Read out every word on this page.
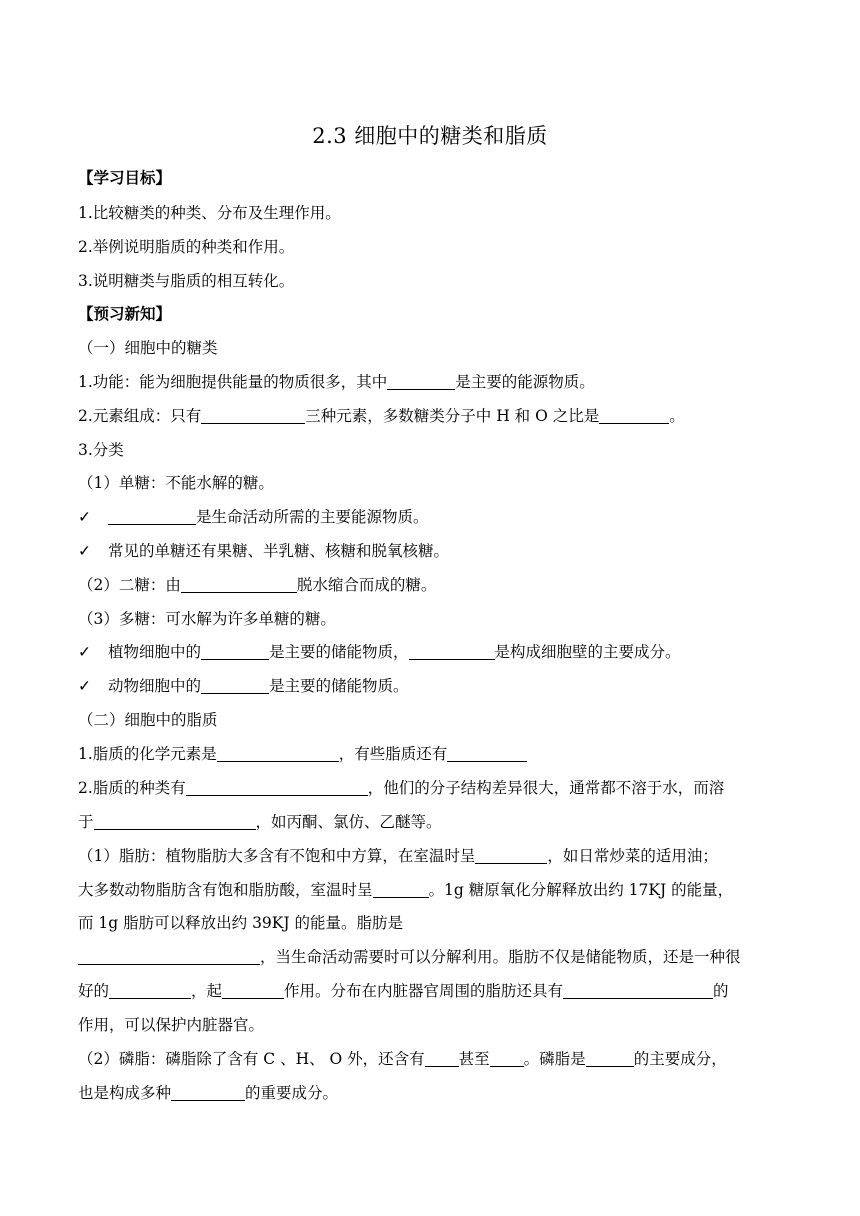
2.3 细胞中的糖类和脂质
【学习目标】
1.比较糖类的种类、分布及生理作用。
2.举例说明脂质的种类和作用。
3.说明糖类与脂质的相互转化。
【预习新知】
（一）细胞中的糖类
1.功能：能为细胞提供能量的物质很多，其中	是主要的能源物质。
2.元素组成：只有	三种元素，多数糖类分子中 H 和 O 之比是	。
3.分类
（1）单糖：不能水解的糖。
✓	是生命活动所需的主要能源物质。
✓ 常见的单糖还有果糖、半乳糖、核糖和脱氧核糖。
（2）二糖：由	脱水缩合而成的糖。
（3）多糖：可水解为许多单糖的糖。
✓ 植物细胞中的	是主要的储能物质，	是构成细胞壁的主要成分。
✓ 动物细胞中的	是主要的储能物质。
（二）细胞中的脂质
1.脂质的化学元素是	，有些脂质还有
2.脂质的种类有	，他们的分子结构差异很大，通常都不溶于水，而溶
于	，如丙酮、氯仿、乙醚等。
（1）脂肪：植物脂肪大多含有不饱和中方算，在室温时呈	，如日常炒菜的适用油；
大多数动物脂肪含有饱和脂肪酸，室温时呈	。1g 糖原氧化分解释放出约 17KJ 的能量，
而 1g 脂肪可以释放出约 39KJ 的能量。脂肪是
，当生命活动需要时可以分解利用。脂肪不仅是储能物质，还是一种很
好的	，起	作用。分布在内脏器官周围的脂肪还具有	的
作用，可以保护内脏器官。
（2）磷脂：磷脂除了含有 C 、H、 O 外，还含有 甚至 。磷脂是	的主要成分，
也是构成多种	的重要成分。
